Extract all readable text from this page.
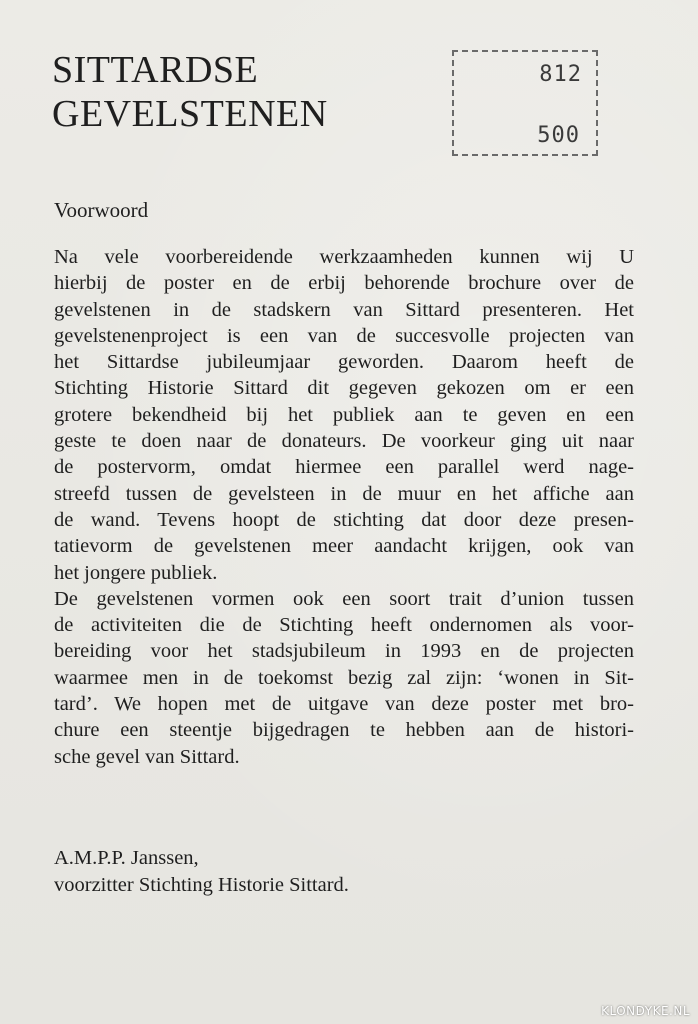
SITTARDSE
GEVELSTENEN
812
500
Voorwoord
Na vele voorbereidende werkzaamheden kunnen wij U
hierbij de poster en de erbij behorende brochure over de
gevelstenen in de stadskern van Sittard presenteren. Het
gevelstenenproject is een van de succesvolle projecten van
het Sittardse jubileumjaar geworden. Daarom heeft de
Stichting Historie Sittard dit gegeven gekozen om er een
grotere bekendheid bij het publiek aan te geven en een
geste te doen naar de donateurs. De voorkeur ging uit naar
de postervorm, omdat hiermee een parallel werd nage-
streefd tussen de gevelsteen in de muur en het affiche aan
de wand. Tevens hoopt de stichting dat door deze presen-
tatievorm de gevelstenen meer aandacht krijgen, ook van
het jongere publiek.
De gevelstenen vormen ook een soort trait d’union tussen
de activiteiten die de Stichting heeft ondernomen als voor-
bereiding voor het stadsjubileum in 1993 en de projecten
waarmee men in de toekomst bezig zal zijn: ‘wonen in Sit-
tard’. We hopen met de uitgave van deze poster met bro-
chure een steentje bijgedragen te hebben aan de histori-
sche gevel van Sittard.
A.M.P.P. Janssen,
voorzitter Stichting Historie Sittard.
KLONDYKE.NL
